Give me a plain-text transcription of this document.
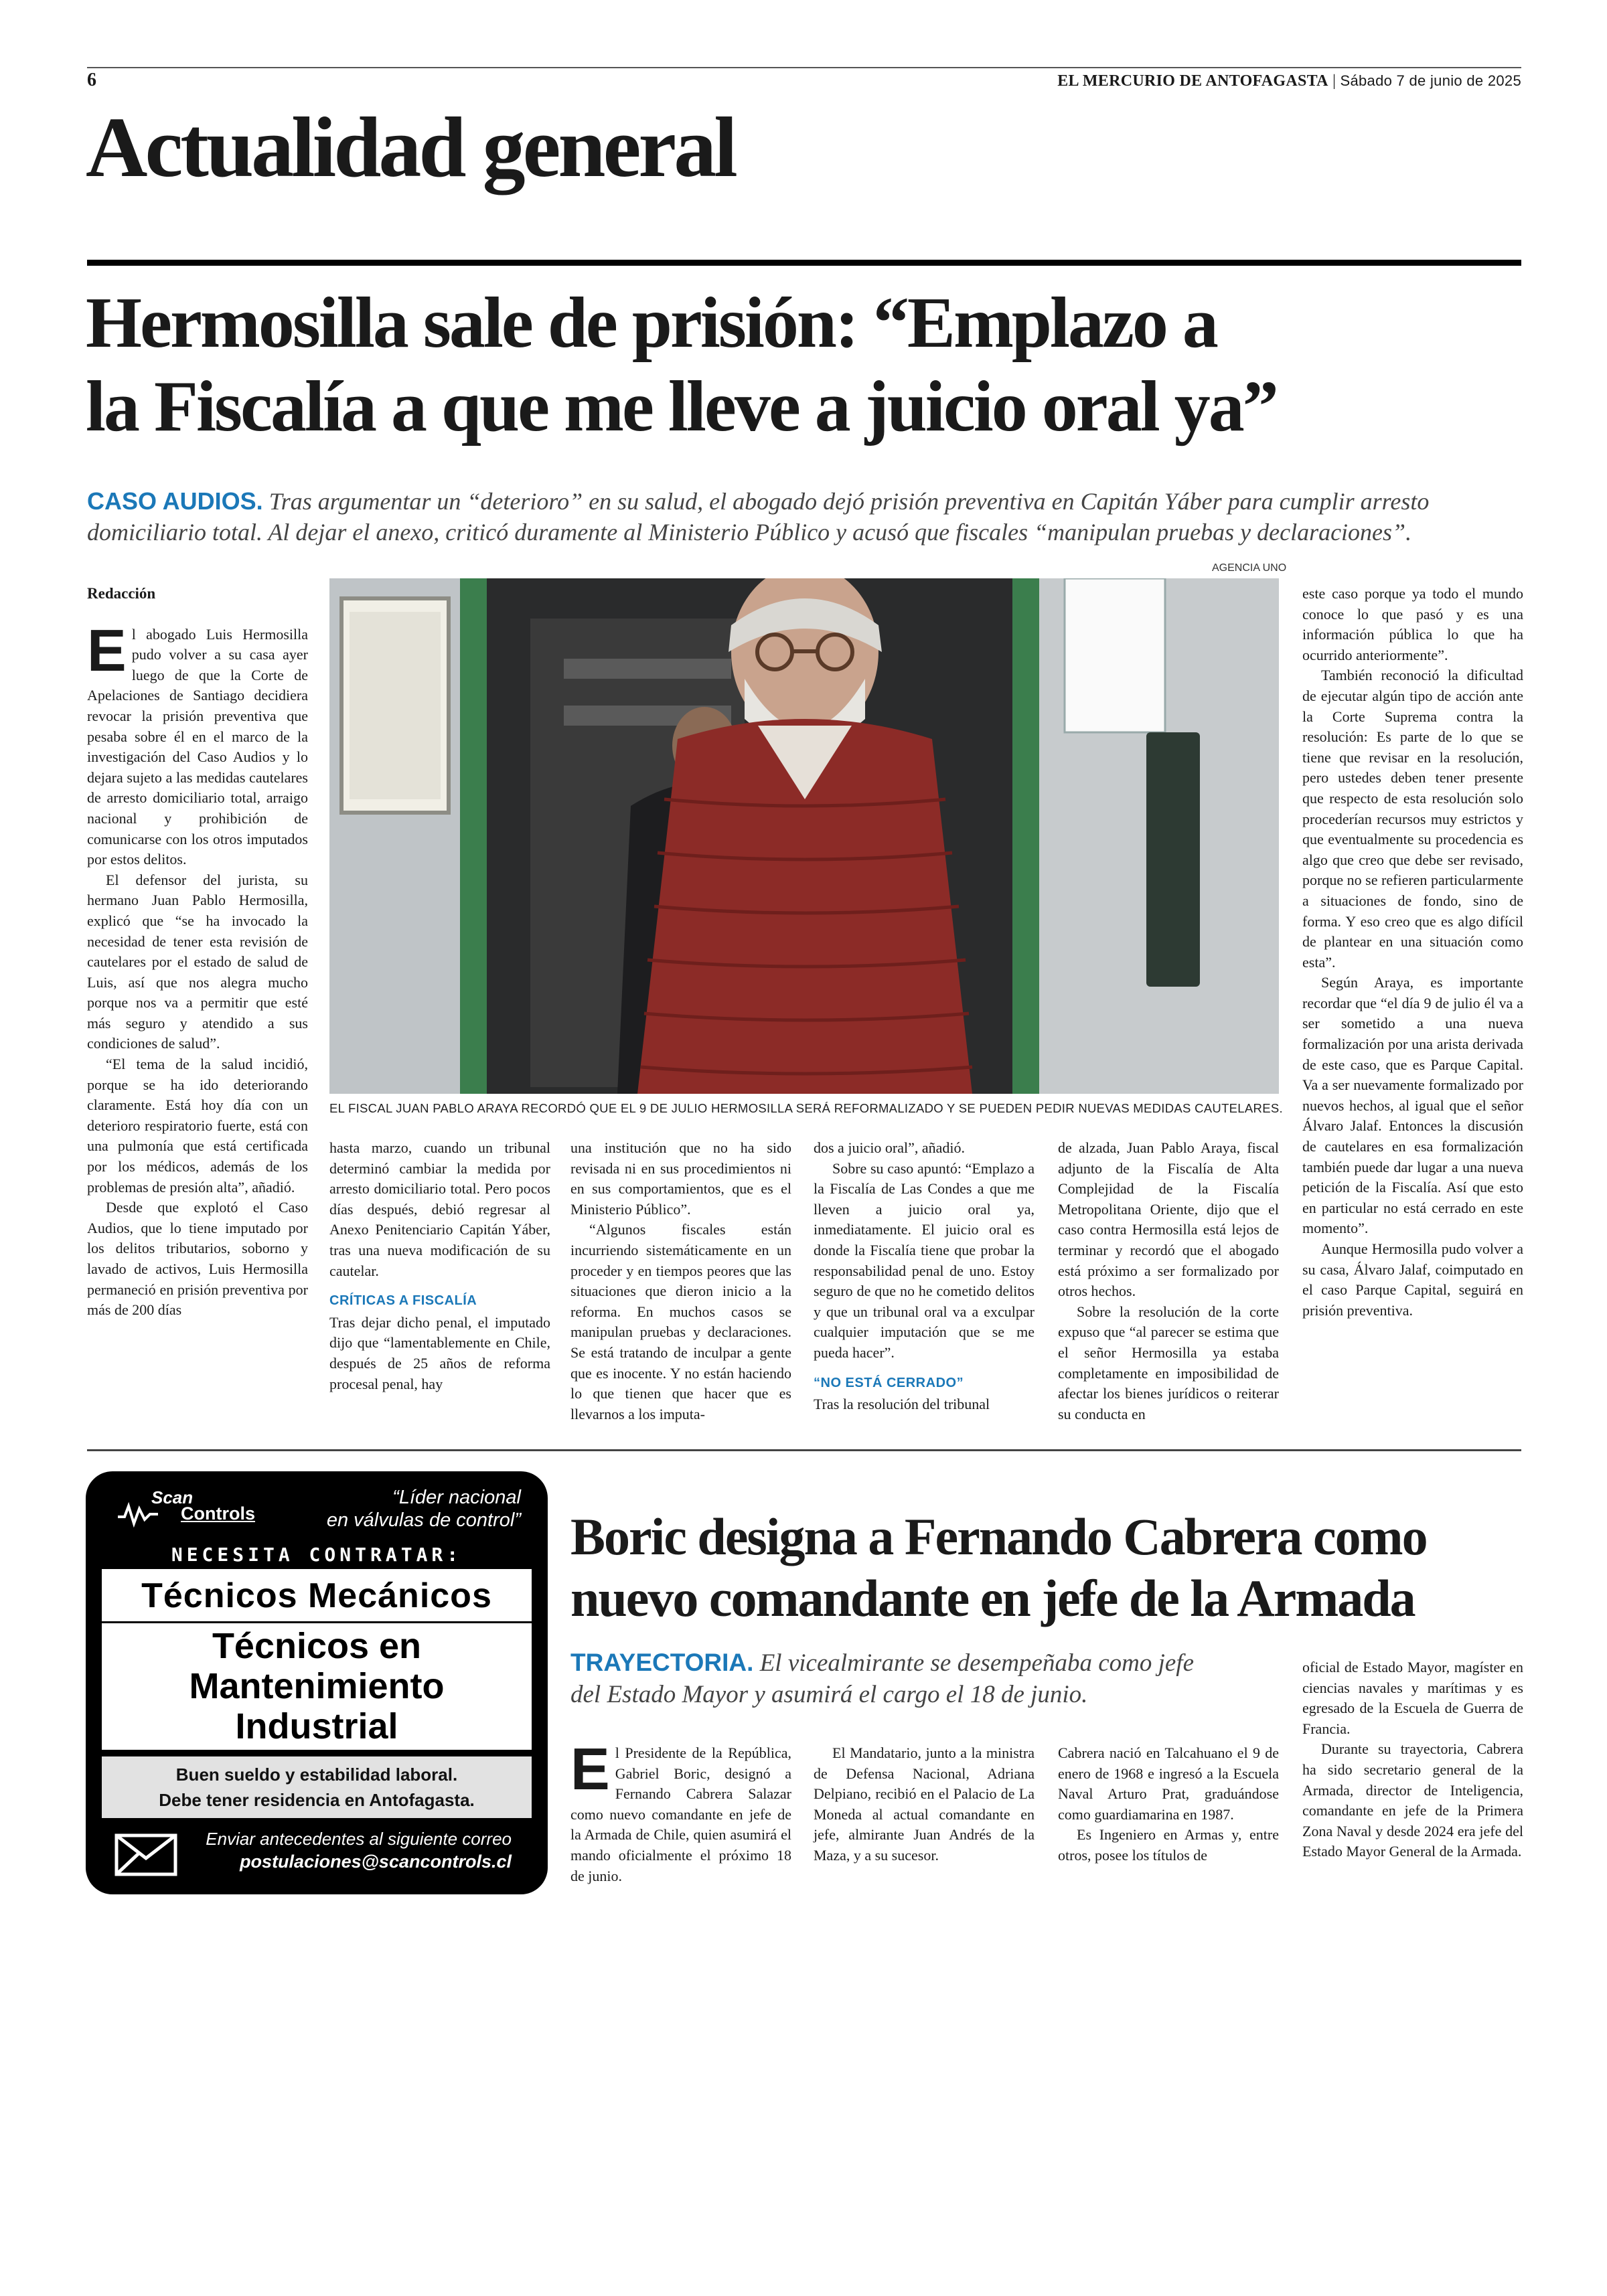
6	EL MERCURIO DE ANTOFAGASTA | Sábado 7 de junio de 2025
Actualidad general
Hermosilla sale de prisión: “Emplazo a
la Fiscalía a que me lleve a juicio oral ya”
CASO AUDIOS. Tras argumentar un “deterioro” en su salud, el abogado dejó prisión preventiva en Capitán Yáber para cumplir arresto domiciliario total. Al dejar el anexo, criticó duramente al Ministerio Público y acusó que fiscales “manipulan pruebas y declaraciones”.
AGENCIA UNO
EL FISCAL JUAN PABLO ARAYA RECORDÓ QUE EL 9 DE JULIO HERMOSILLA SERÁ REFORMALIZADO Y SE PUEDEN PEDIR NUEVAS MEDIDAS CAUTELARES.

Redacción

El abogado Luis Hermosilla pudo volver a su casa ayer luego de que la Corte de Apelaciones de Santiago decidiera revocar la prisión preventiva que pesaba sobre él en el marco de la investigación del Caso Audios y lo dejara sujeto a las medidas cautelares de arresto domiciliario total, arraigo nacional y prohibición de comunicarse con los otros imputados por estos delitos.

El defensor del jurista, su hermano Juan Pablo Hermosilla, explicó que “se ha invocado la necesidad de tener esta revisión de cautelares por el estado de salud de Luis, así que nos alegra mucho porque nos va a permitir que esté más seguro y atendido a sus condiciones de salud”.

“El tema de la salud incidió, porque se ha ido deteriorando claramente. Está hoy día con un deterioro respiratorio fuerte, está con una pulmonía que está certificada por los médicos, además de los problemas de presión alta”, añadió.

Desde que explotó el Caso Audios, que lo tiene imputado por los delitos tributarios, soborno y lavado de activos, Luis Hermosilla permaneció en prisión preventiva por más de 200 días

hasta marzo, cuando un tribunal determinó cambiar la medida por arresto domiciliario total. Pero pocos días después, debió regresar al Anexo Penitenciario Capitán Yáber, tras una nueva modificación de su cautelar.

CRÍTICAS A FISCALÍA

Tras dejar dicho penal, el imputado dijo que “lamentablemente en Chile, después de 25 años de reforma procesal penal, hay

una institución que no ha sido revisada ni en sus procedimientos ni en sus comportamientos, que es el Ministerio Público”.

“Algunos fiscales están incurriendo sistemáticamente en un proceder y en tiempos peores que las situaciones que dieron inicio a la reforma. En muchos casos se manipulan pruebas y declaraciones. Se está tratando de inculpar a gente que es inocente. Y no están haciendo lo que tienen que hacer que es llevarnos a los imputa-

dos a juicio oral”, añadió.

Sobre su caso apuntó: “Emplazo a la Fiscalía de Las Condes a que me lleven a juicio oral ya, inmediatamente. El juicio oral es donde la Fiscalía tiene que probar la responsabilidad penal de uno. Estoy seguro de que no he cometido delitos y que un tribunal oral va a exculpar cualquier imputación que se me pueda hacer”.

“NO ESTÁ CERRADO”

Tras la resolución del tribunal

de alzada, Juan Pablo Araya, fiscal adjunto de la Fiscalía de Alta Complejidad de la Fiscalía Metropolitana Oriente, dijo que el caso contra Hermosilla está lejos de terminar y recordó que el abogado está próximo a ser formalizado por otros hechos.

Sobre la resolución de la corte expuso que “al parecer se estima que el señor Hermosilla ya estaba completamente en imposibilidad de afectar los bienes jurídicos o reiterar su conducta en

este caso porque ya todo el mundo conoce lo que pasó y es una información pública lo que ha ocurrido anteriormente”.

También reconoció la dificultad de ejecutar algún tipo de acción ante la Corte Suprema contra la resolución: Es parte de lo que se tiene que revisar en la resolución, pero ustedes deben tener presente que respecto de esta resolución solo procederían recursos muy estrictos y que eventualmente su procedencia es algo que creo que debe ser revisado, porque no se refieren particularmente a situaciones de fondo, sino de forma. Y eso creo que es algo difícil de plantear en una situación como esta”.

Según Araya, es importante recordar que “el día 9 de julio él va a ser sometido a una nueva formalización por una arista derivada de este caso, que es Parque Capital. Va a ser nuevamente formalizado por nuevos hechos, al igual que el señor Álvaro Jalaf. Entonces la discusión de cautelares en esa formalización también puede dar lugar a una nueva petición de la Fiscalía. Así que esto en particular no está cerrado en este momento”.

Aunque Hermosilla pudo volver a su casa, Álvaro Jalaf, coimputado en el caso Parque Capital, seguirá en prisión preventiva.

Scan
Controls
“Líder nacional
en válvulas de control”
NECESITA CONTRATAR:
Técnicos Mecánicos
Técnicos en
Mantenimiento
Industrial
Buen sueldo y estabilidad laboral.
Debe tener residencia en Antofagasta.
Enviar antecedentes al siguiente correo
postulaciones@scancontrols.cl
Boric designa a Fernando Cabrera como
nuevo comandante en jefe de la Armada
TRAYECTORIA. El vicealmirante se desempeñaba como jefe
del Estado Mayor y asumirá el cargo el 18 de junio.

El Presidente de la República, Gabriel Boric, designó a Fernando Cabrera Salazar como nuevo comandante en jefe de la Armada de Chile, quien asumirá el mando oficialmente el próximo 18 de junio.

El Mandatario, junto a la ministra de Defensa Nacional, Adriana Delpiano, recibió en el Palacio de La Moneda al actual comandante en jefe, almirante Juan Andrés de la Maza, y a su sucesor.

Cabrera nació en Talcahuano el 9 de enero de 1968 e ingresó a la Escuela Naval Arturo Prat, graduándose como guardiamarina en 1987.

Es Ingeniero en Armas y, entre otros, posee los títulos de

oficial de Estado Mayor, magíster en ciencias navales y marítimas y es egresado de la Escuela de Guerra de Francia.

Durante su trayectoria, Cabrera ha sido secretario general de la Armada, director de Inteligencia, comandante en jefe de la Primera Zona Naval y desde 2024 era jefe del Estado Mayor General de la Armada.
